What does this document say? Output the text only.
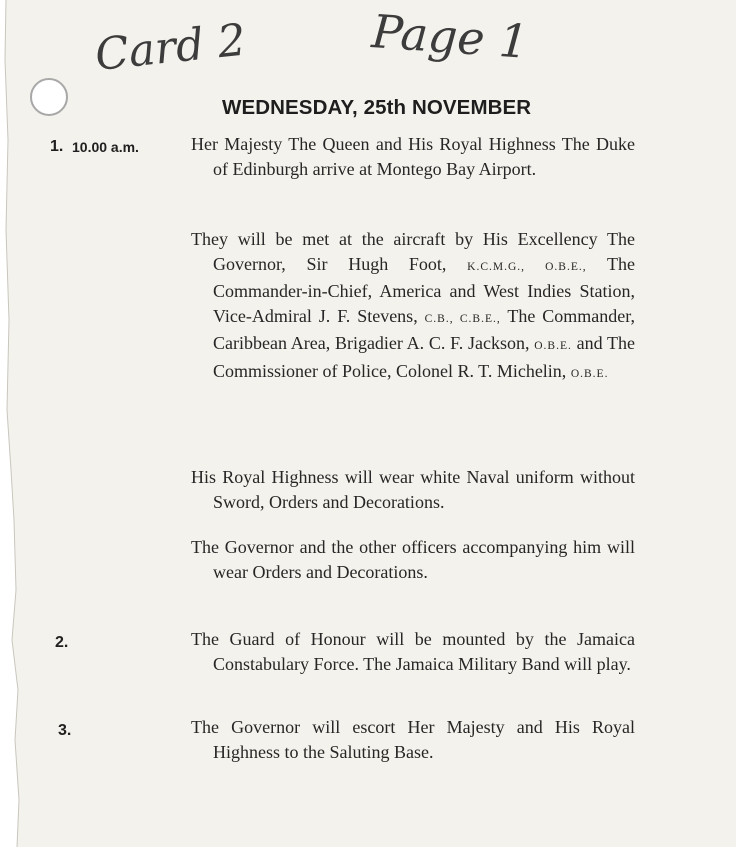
Card 2	Page 1
WEDNESDAY, 25th NOVEMBER
1. 10.00 a.m.	Her Majesty The Queen and His Royal Highness The Duke of Edinburgh arrive at Montego Bay Airport.
They will be met at the aircraft by His Excellency The Governor, Sir Hugh Foot, K.C.M.G., O.B.E., The Commander-in-Chief, America and West Indies Station, Vice-Admiral J. F. Stevens, C.B., C.B.E., The Commander, Caribbean Area, Brigadier A. C. F. Jackson, O.B.E. and The Commissioner of Police, Colonel R. T. Michelin, O.B.E.
His Royal Highness will wear white Naval uniform without Sword, Orders and Decorations.
The Governor and the other officers accompanying him will wear Orders and Decorations.
2.	The Guard of Honour will be mounted by the Jamaica Constabulary Force. The Jamaica Military Band will play.
3.	The Governor will escort Her Majesty and His Royal Highness to the Saluting Base.
